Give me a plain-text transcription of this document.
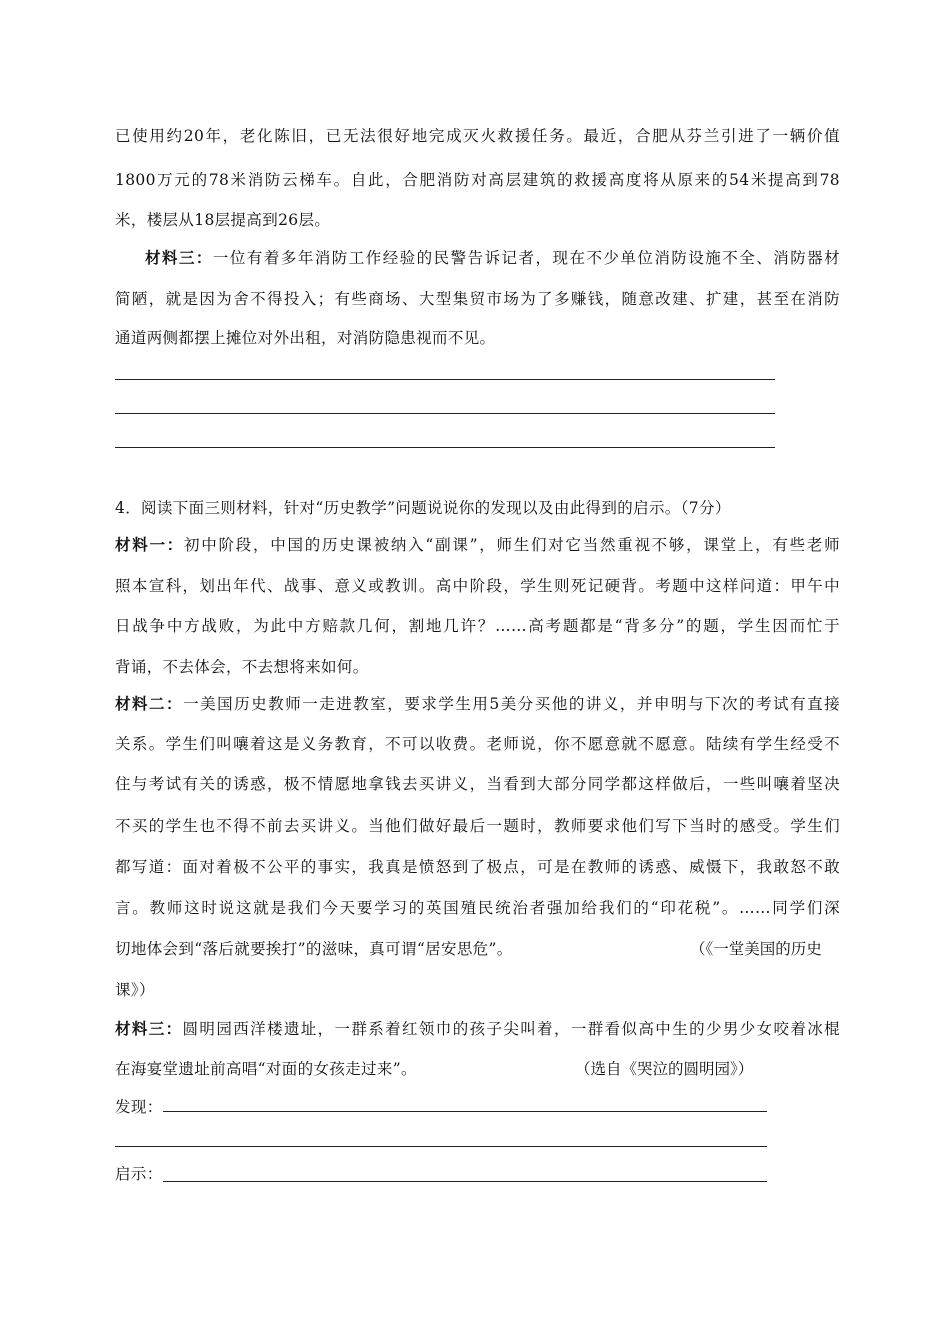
已使用约20年，老化陈旧，已无法很好地完成灭火救援任务。最近，合肥从芬兰引进了一辆价值
1800万元的78米消防云梯车。自此，合肥消防对高层建筑的救援高度将从原来的54米提高到78
米，楼层从18层提高到26层。
材料三：一位有着多年消防工作经验的民警告诉记者，现在不少单位消防设施不全、消防器材
简陋，就是因为舍不得投入；有些商场、大型集贸市场为了多赚钱，随意改建、扩建，甚至在消防
通道两侧都摆上摊位对外出租，对消防隐患视而不见。
4．阅读下面三则材料，针对“历史教学”问题说说你的发现以及由此得到的启示。（7分）
材料一：初中阶段，中国的历史课被纳入“副课”，师生们对它当然重视不够，课堂上，有些老师
照本宣科，划出年代、战事、意义或教训。高中阶段，学生则死记硬背。考题中这样问道：甲午中
日战争中方战败，为此中方赔款几何，割地几许？……高考题都是“背多分”的题，学生因而忙于
背诵，不去体会，不去想将来如何。
材料二：一美国历史教师一走进教室，要求学生用5美分买他的讲义，并申明与下次的考试有直接
关系。学生们叫嚷着这是义务教育，不可以收费。老师说，你不愿意就不愿意。陆续有学生经受不
住与考试有关的诱惑，极不情愿地拿钱去买讲义，当看到大部分同学都这样做后，一些叫嚷着坚决
不买的学生也不得不前去买讲义。当他们做好最后一题时，教师要求他们写下当时的感受。学生们
都写道：面对着极不公平的事实，我真是愤怒到了极点，可是在教师的诱惑、威慑下，我敢怒不敢
言。教师这时说这就是我们今天要学习的英国殖民统治者强加给我们的“印花税”。……同学们深
切地体会到“落后就要挨打”的滋味，真可谓“居安思危”。	（《一堂美国的历史
课》）
材料三：圆明园西洋楼遗址，一群系着红领巾的孩子尖叫着，一群看似高中生的少男少女咬着冰棍
在海宴堂遗址前高唱“对面的女孩走过来”。	（选自《哭泣的圆明园》）
发现：
启示：
